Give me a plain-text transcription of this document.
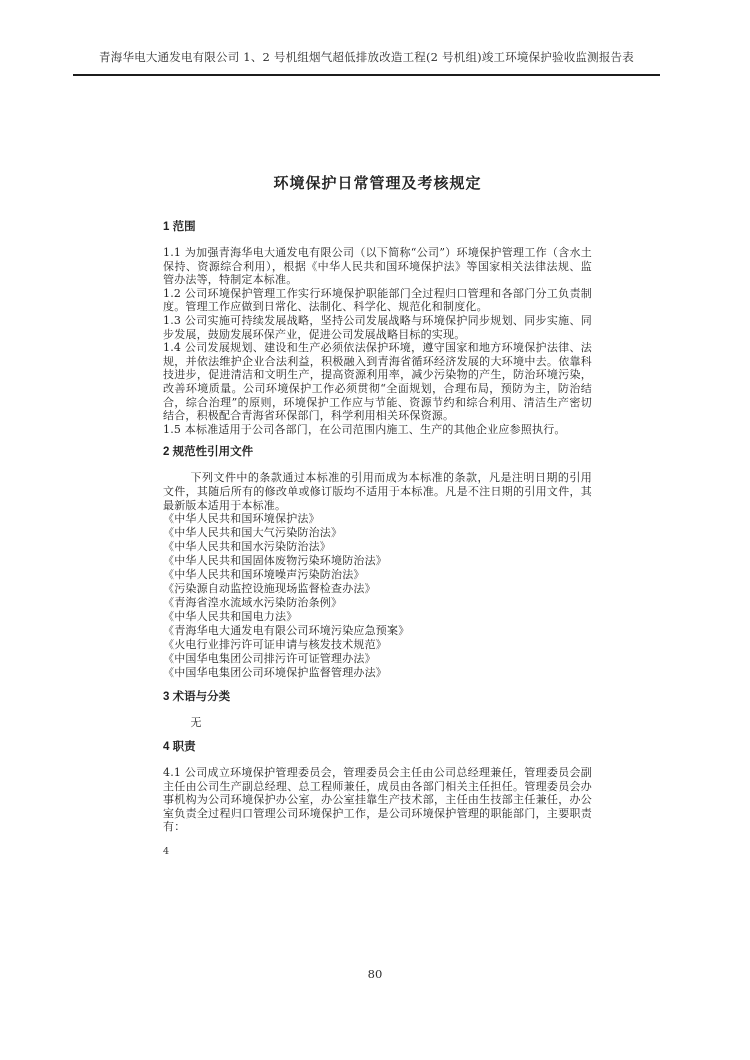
青海华电大通发电有限公司 1、2 号机组烟气超低排放改造工程(2 号机组)竣工环境保护验收监测报告表
环境保护日常管理及考核规定
1 范围

1.1 为加强青海华电大通发电有限公司（以下简称“公司”）环境保护管理工作（含水土保持、资源综合利用），根据《中华人民共和国环境保护法》等国家相关法律法规、监管办法等，特制定本标准。

1.2 公司环境保护管理工作实行环境保护职能部门全过程归口管理和各部门分工负责制度。管理工作应做到日常化、法制化、科学化、规范化和制度化。

1.3 公司实施可持续发展战略，坚持公司发展战略与环境保护同步规划、同步实施、同步发展，鼓励发展环保产业，促进公司发展战略目标的实现。

1.4 公司发展规划、建设和生产必须依法保护环境，遵守国家和地方环境保护法律、法规，并依法维护企业合法利益，积极融入到青海省循环经济发展的大环境中去。依靠科技进步，促进清洁和文明生产，提高资源利用率，减少污染物的产生，防治环境污染，改善环境质量。公司环境保护工作必须贯彻“全面规划，合理布局，预防为主，防治结合，综合治理”的原则，环境保护工作应与节能、资源节约和综合利用、清洁生产密切结合，积极配合青海省环保部门，科学利用相关环保资源。

1.5 本标准适用于公司各部门，在公司范围内施工、生产的其他企业应参照执行。

2 规范性引用文件

下列文件中的条款通过本标准的引用而成为本标准的条款，凡是注明日期的引用文件，其随后所有的修改单或修订版均不适用于本标准。凡是不注日期的引用文件，其最新版本适用于本标准。

《中华人民共和国环境保护法》
《中华人民共和国大气污染防治法》
《中华人民共和国水污染防治法》
《中华人民共和国固体废物污染环境防治法》
《中华人民共和国环境噪声污染防治法》
《污染源自动监控设施现场监督检查办法》
《青海省湟水流域水污染防治条例》
《中华人民共和国电力法》
《青海华电大通发电有限公司环境污染应急预案》
《火电行业排污许可证申请与核发技术规范》
《中国华电集团公司排污许可证管理办法》
《中国华电集团公司环境保护监督管理办法》
3 术语与分类
无
4 职责

4.1 公司成立环境保护管理委员会，管理委员会主任由公司总经理兼任，管理委员会副主任由公司生产副总经理、总工程师兼任，成员由各部门相关主任担任。管理委员会办事机构为公司环境保护办公室，办公室挂靠生产技术部，主任由生技部主任兼任，办公室负责全过程归口管理公司环境保护工作，是公司环境保护管理的职能部门，主要职责有：

4
80
